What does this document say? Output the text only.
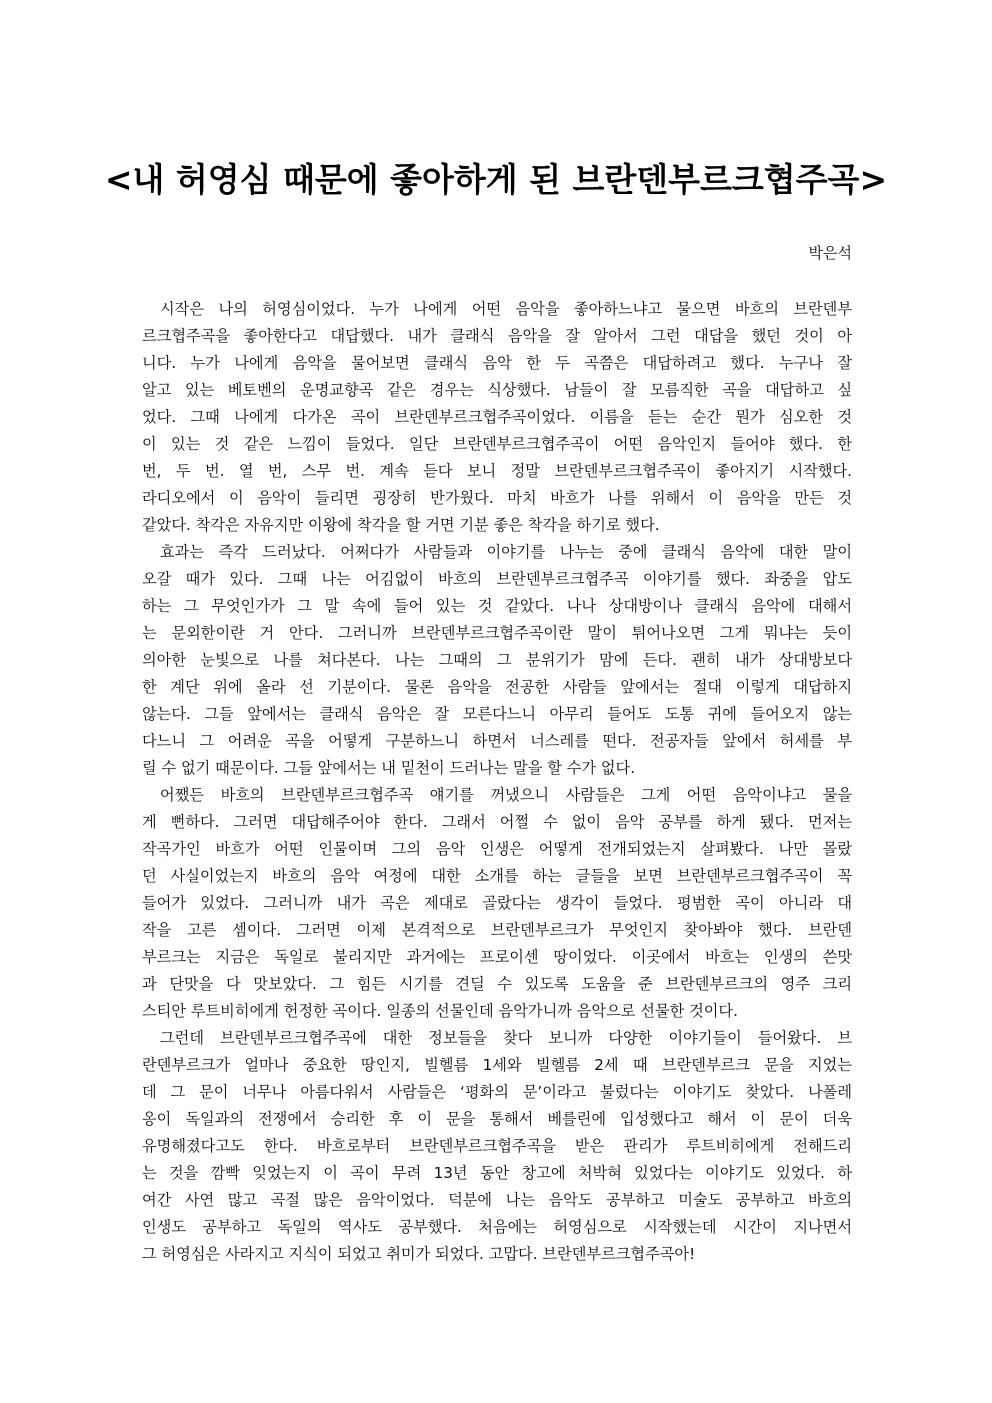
<내 허영심 때문에 좋아하게 된 브란덴부르크협주곡>
박은석
시작은 나의 허영심이었다. 누가 나에게 어떤 음악을 좋아하느냐고 물으면 바흐의 브란덴부
르크협주곡을 좋아한다고 대답했다. 내가 클래식 음악을 잘 알아서 그런 대답을 했던 것이 아
니다. 누가 나에게 음악을 물어보면 클래식 음악 한 두 곡쯤은 대답하려고 했다. 누구나 잘
알고 있는 베토벤의 운명교향곡 같은 경우는 식상했다. 남들이 잘 모름직한 곡을 대답하고 싶
었다. 그때 나에게 다가온 곡이 브란덴부르크협주곡이었다. 이름을 듣는 순간 뭔가 심오한 것
이 있는 것 같은 느낌이 들었다. 일단 브란덴부르크협주곡이 어떤 음악인지 들어야 했다. 한
번, 두 번. 열 번, 스무 번. 계속 듣다 보니 정말 브란덴부르크협주곡이 좋아지기 시작했다.
라디오에서 이 음악이 들리면 굉장히 반가웠다. 마치 바흐가 나를 위해서 이 음악을 만든 것
같았다. 착각은 자유지만 이왕에 착각을 할 거면 기분 좋은 착각을 하기로 했다.
효과는 즉각 드러났다. 어쩌다가 사람들과 이야기를 나누는 중에 클래식 음악에 대한 말이
오갈 때가 있다. 그때 나는 어김없이 바흐의 브란덴부르크협주곡 이야기를 했다. 좌중을 압도
하는 그 무엇인가가 그 말 속에 들어 있는 것 같았다. 나나 상대방이나 클래식 음악에 대해서
는 문외한이란 거 안다. 그러니까 브란덴부르크협주곡이란 말이 튀어나오면 그게 뭐냐는 듯이
의아한 눈빛으로 나를 쳐다본다. 나는 그때의 그 분위기가 맘에 든다. 괜히 내가 상대방보다
한 계단 위에 올라 선 기분이다. 물론 음악을 전공한 사람들 앞에서는 절대 이렇게 대답하지
않는다. 그들 앞에서는 클래식 음악은 잘 모른다느니 아무리 들어도 도통 귀에 들어오지 않는
다느니 그 어려운 곡을 어떻게 구분하느니 하면서 너스레를 떤다. 전공자들 앞에서 허세를 부
릴 수 없기 때문이다. 그들 앞에서는 내 밑천이 드러나는 말을 할 수가 없다.
어쨌든 바흐의 브란덴부르크협주곡 얘기를 꺼냈으니 사람들은 그게 어떤 음악이냐고 물을
게 뻔하다. 그러면 대답해주어야 한다. 그래서 어쩔 수 없이 음악 공부를 하게 됐다. 먼저는
작곡가인 바흐가 어떤 인물이며 그의 음악 인생은 어떻게 전개되었는지 살펴봤다. 나만 몰랐
던 사실이었는지 바흐의 음악 여정에 대한 소개를 하는 글들을 보면 브란덴부르크협주곡이 꼭
들어가 있었다. 그러니까 내가 곡은 제대로 골랐다는 생각이 들었다. 평범한 곡이 아니라 대
작을 고른 셈이다. 그러면 이제 본격적으로 브란덴부르크가 무엇인지 찾아봐야 했다. 브란덴
부르크는 지금은 독일로 불리지만 과거에는 프로이센 땅이었다. 이곳에서 바흐는 인생의 쓴맛
과 단맛을 다 맛보았다. 그 힘든 시기를 견딜 수 있도록 도움을 준 브란덴부르크의 영주 크리
스티안 루트비히에게 헌정한 곡이다. 일종의 선물인데 음악가니까 음악으로 선물한 것이다.
그런데 브란덴부르크협주곡에 대한 정보들을 찾다 보니까 다양한 이야기들이 들어왔다. 브
란덴부르크가 얼마나 중요한 땅인지, 빌헬름 1세와 빌헬름 2세 때 브란덴부르크 문을 지었는
데 그 문이 너무나 아름다워서 사람들은 ‘평화의 문’이라고 불렀다는 이야기도 찾았다. 나폴레
옹이 독일과의 전쟁에서 승리한 후 이 문을 통해서 베를린에 입성했다고 해서 이 문이 더욱
유명해졌다고도 한다. 바흐로부터 브란덴부르크협주곡을 받은 관리가 루트비히에게 전해드리
는 것을 깜빡 잊었는지 이 곡이 무려 13년 동안 창고에 처박혀 있었다는 이야기도 있었다. 하
여간 사연 많고 곡절 많은 음악이었다. 덕분에 나는 음악도 공부하고 미술도 공부하고 바흐의
인생도 공부하고 독일의 역사도 공부했다. 처음에는 허영심으로 시작했는데 시간이 지나면서
그 허영심은 사라지고 지식이 되었고 취미가 되었다. 고맙다. 브란덴부르크협주곡아!
